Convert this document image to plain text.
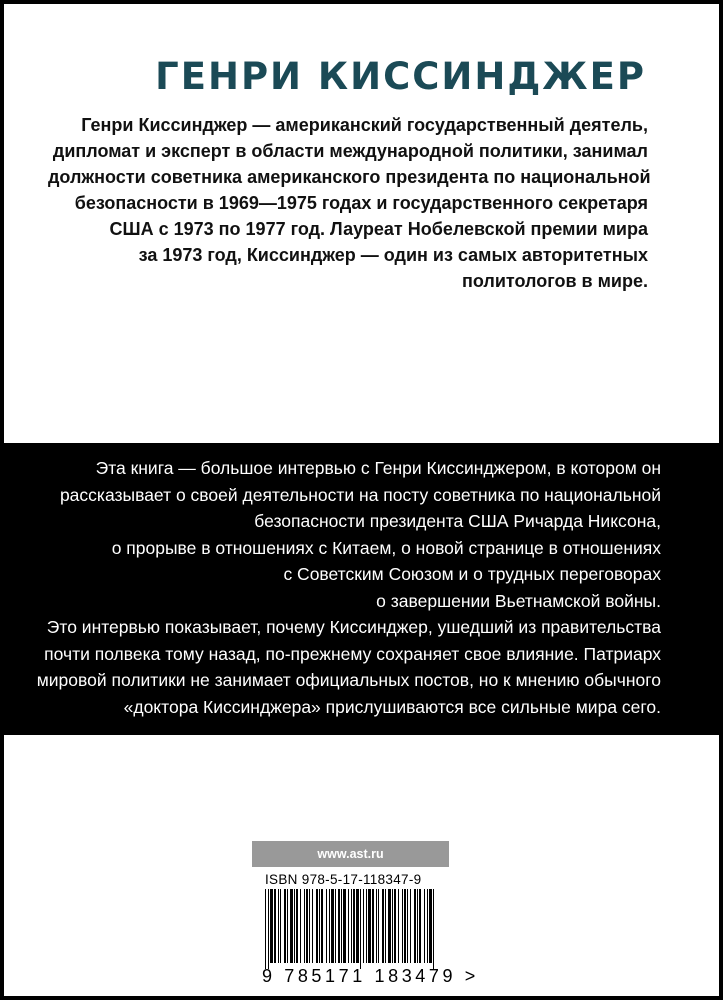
ГЕНРИ КИССИНДЖЕР
Генри Киссинджер — американский государственный деятель,
дипломат и эксперт в области международной политики, занимал
должности советника американского президента по национальной
безопасности в 1969—1975 годах и государственного секретаря
США с 1973 по 1977 год. Лауреат Нобелевской премии мира
за 1973 год, Киссинджер — один из самых авторитетных
политологов в мире.
Эта книга — большое интервью с Генри Киссинджером, в котором он
рассказывает о своей деятельности на посту советника по национальной
безопасности президента США Ричарда Никсона,
о прорыве в отношениях с Китаем, о новой странице в отношениях
с Советским Союзом и о трудных переговорах
о завершении Вьетнамской войны.
Это интервью показывает, почему Киссинджер, ушедший из правительства
почти полвека тому назад, по-прежнему сохраняет свое влияние. Патриарх
мировой политики не занимает официальных постов, но к мнению обычного
«доктора Киссинджера» прислушиваются все сильные мира сего.
www.ast.ru
ISBN 978-5-17-118347-9
9 785171 183479 >
